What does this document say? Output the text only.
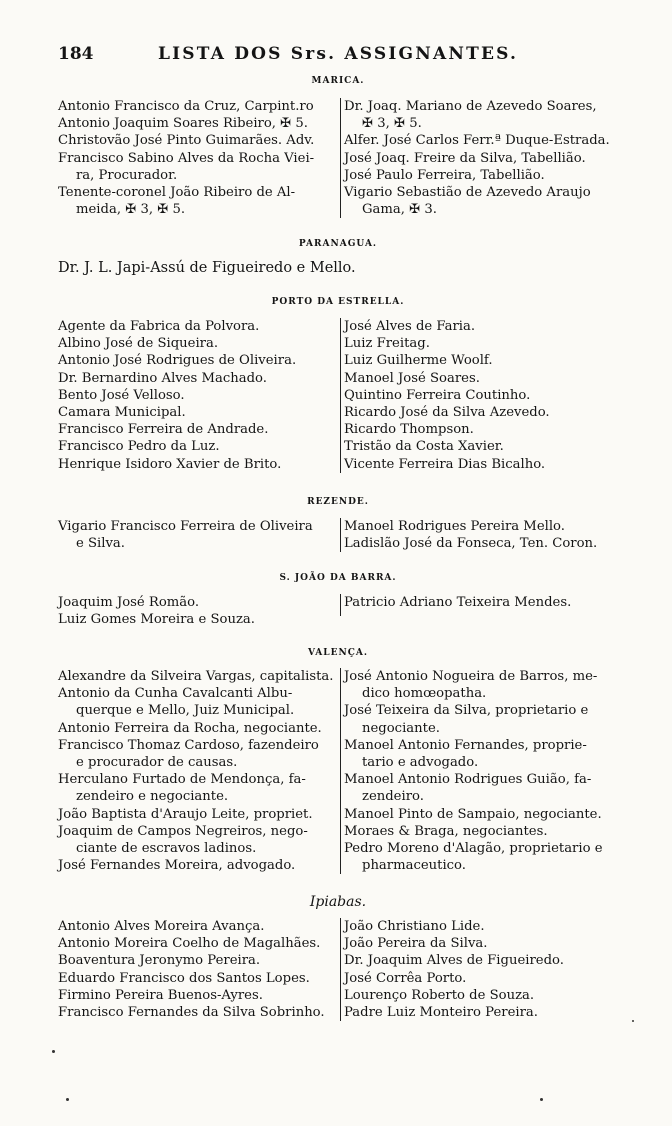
184	LISTA DOS Srs. ASSIGNANTES.
MARICA.
Antonio Francisco da Cruz, Carpint.ro
Antonio Joaquim Soares Ribeiro, ✠ 5.
Christovão José Pinto Guimarães. Adv.
Francisco Sabino Alves da Rocha Viei-
ra, Procurador.
Tenente-coronel João Ribeiro de Al-
meida, ✠ 3, ✠ 5.
Dr. Joaq. Mariano de Azevedo Soares,
✠ 3, ✠ 5.
Alfer. José Carlos Ferr.ª Duque-Estrada.
José Joaq. Freire da Silva, Tabellião.
José Paulo Ferreira, Tabellião.
Vigario Sebastião de Azevedo Araujo
Gama, ✠ 3.
PARANAGUA.
Dr. J. L. Japi-Assú de Figueiredo e Mello.
PORTO DA ESTRELLA.
Agente da Fabrica da Polvora.
Albino José de Siqueira.
Antonio José Rodrigues de Oliveira.
Dr. Bernardino Alves Machado.
Bento José Velloso.
Camara Municipal.
Francisco Ferreira de Andrade.
Francisco Pedro da Luz.
Henrique Isidoro Xavier de Brito.
José Alves de Faria.
Luiz Freitag.
Luiz Guilherme Woolf.
Manoel José Soares.
Quintino Ferreira Coutinho.
Ricardo José da Silva Azevedo.
Ricardo Thompson.
Tristão da Costa Xavier.
Vicente Ferreira Dias Bicalho.
REZENDE.
Vigario Francisco Ferreira de Oliveira
e Silva.
Manoel Rodrigues Pereira Mello.
Ladislão José da Fonseca, Ten. Coron.
S. JOÃO DA BARRA.
Joaquim José Romão.
Luiz Gomes Moreira e Souza.
Patricio Adriano Teixeira Mendes.
VALENÇA.
Alexandre da Silveira Vargas, capitalista.
Antonio da Cunha Cavalcanti Albu-
querque e Mello, Juiz Municipal.
Antonio Ferreira da Rocha, negociante.
Francisco Thomaz Cardoso, fazendeiro
e procurador de causas.
Herculano Furtado de Mendonça, fa-
zendeiro e negociante.
João Baptista d'Araujo Leite, propriet.
Joaquim de Campos Negreiros, nego-
ciante de escravos ladinos.
José Fernandes Moreira, advogado.
José Antonio Nogueira de Barros, me-
dico homœopatha.
José Teixeira da Silva, proprietario e
negociante.
Manoel Antonio Fernandes, proprie-
tario e advogado.
Manoel Antonio Rodrigues Guião, fa-
zendeiro.
Manoel Pinto de Sampaio, negociante.
Moraes & Braga, negociantes.
Pedro Moreno d'Alagão, proprietario e
pharmaceutico.
Ipiabas.
Antonio Alves Moreira Avança.
Antonio Moreira Coelho de Magalhães.
Boaventura Jeronymo Pereira.
Eduardo Francisco dos Santos Lopes.
Firmino Pereira Buenos-Ayres.
Francisco Fernandes da Silva Sobrinho.
João Christiano Lide.
João Pereira da Silva.
Dr. Joaquim Alves de Figueiredo.
José Corrêa Porto.
Lourenço Roberto de Souza.
Padre Luiz Monteiro Pereira.
